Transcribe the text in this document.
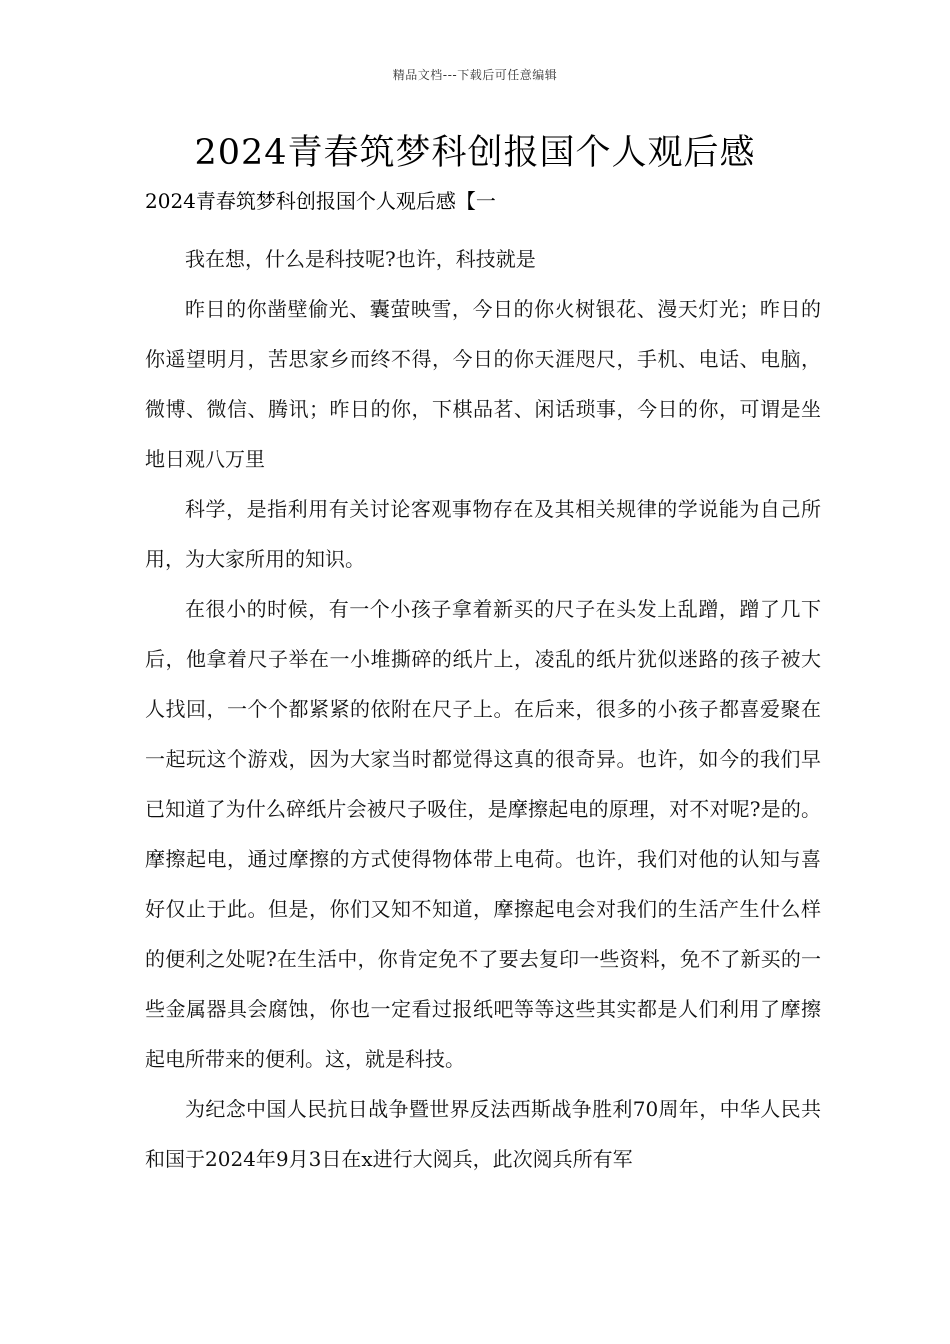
精品文档---下载后可任意编辑
2024青春筑梦科创报国个人观后感
2024青春筑梦科创报国个人观后感【一

我在想，什么是科技呢?也许，科技就是

昨日的你凿壁偷光、囊萤映雪，今日的你火树银花、漫天灯光；昨日的你遥望明月，苦思家乡而终不得，今日的你天涯咫尺，手机、电话、电脑，微博、微信、腾讯；昨日的你，下棋品茗、闲话琐事，今日的你，可谓是坐地日观八万里

科学，是指利用有关讨论客观事物存在及其相关规律的学说能为自己所用，为大家所用的知识。

在很小的时候，有一个小孩子拿着新买的尺子在头发上乱蹭，蹭了几下后，他拿着尺子举在一小堆撕碎的纸片上，凌乱的纸片犹似迷路的孩子被大人找回，一个个都紧紧的依附在尺子上。在后来，很多的小孩子都喜爱聚在一起玩这个游戏，因为大家当时都觉得这真的很奇异。也许，如今的我们早已知道了为什么碎纸片会被尺子吸住，是摩擦起电的原理，对不对呢?是的。摩擦起电，通过摩擦的方式使得物体带上电荷。也许，我们对他的认知与喜好仅止于此。但是，你们又知不知道，摩擦起电会对我们的生活产生什么样的便利之处呢?在生活中，你肯定免不了要去复印一些资料，免不了新买的一些金属器具会腐蚀，你也一定看过报纸吧等等这些其实都是人们利用了摩擦起电所带来的便利。这，就是科技。

为纪念中国人民抗日战争暨世界反法西斯战争胜利70周年，中华人民共和国于2024年9月3日在x进行大阅兵，此次阅兵所有军
